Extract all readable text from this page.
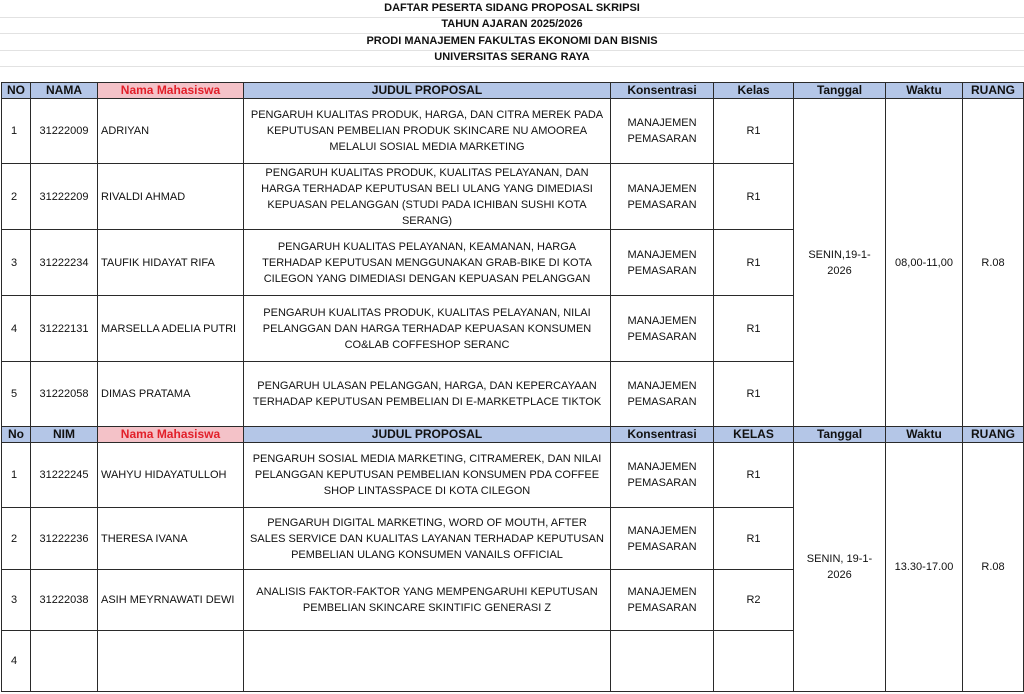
DAFTAR PESERTA SIDANG PROPOSAL SKRIPSI
TAHUN AJARAN 2025/2026
PRODI MANAJEMEN FAKULTAS EKONOMI DAN BISNIS
UNIVERSITAS SERANG RAYA
NO	NAMA	Nama Mahasiswa	JUDUL PROPOSAL	Konsentrasi	Kelas	Tanggal	Waktu	RUANG
1	31222009	ADRIYAN	PENGARUH KUALITAS PRODUK, HARGA, DAN CITRA MEREK PADA KEPUTUSAN PEMBELIAN PRODUK SKINCARE NU AMOOREA MELALUI SOSIAL MEDIA MARKETING	MANAJEMEN PEMASARAN	R1	SENIN,19-1-2026	08,00-11,00	R.08
2	31222209	RIVALDI AHMAD	PENGARUH KUALITAS PRODUK, KUALITAS PELAYANAN, DAN HARGA TERHADAP KEPUTUSAN BELI ULANG YANG DIMEDIASI KEPUASAN PELANGGAN (STUDI PADA ICHIBAN SUSHI KOTA SERANG)	MANAJEMEN PEMASARAN	R1			
3	31222234	TAUFIK HIDAYAT RIFA	PENGARUH KUALITAS PELAYANAN, KEAMANAN, HARGA TERHADAP KEPUTUSAN MENGGUNAKAN GRAB-BIKE DI KOTA CILEGON YANG DIMEDIASI DENGAN KEPUASAN PELANGGAN	MANAJEMEN PEMASARAN	R1			
4	31222131	MARSELLA ADELIA PUTRI	PENGARUH KUALITAS PRODUK, KUALITAS PELAYANAN, NILAI PELANGGAN DAN HARGA TERHADAP KEPUASAN KONSUMEN CO&LAB COFFESHOP SERANC	MANAJEMEN PEMASARAN	R1			
5	31222058	DIMAS PRATAMA	PENGARUH ULASAN PELANGGAN, HARGA, DAN KEPERCAYAAN TERHADAP KEPUTUSAN PEMBELIAN DI E-MARKETPLACE TIKTOK	MANAJEMEN PEMASARAN	R1			
No	NIM	Nama Mahasiswa	JUDUL PROPOSAL	Konsentrasi	KELAS	Tanggal	Waktu	RUANG
1	31222245	WAHYU HIDAYATULLOH	PENGARUH SOSIAL MEDIA MARKETING, CITRAMEREK, DAN NILAI PELANGGAN KEPUTUSAN PEMBELIAN KONSUMEN PDA COFFEE SHOP LINTASSPACE DI KOTA CILEGON	MANAJEMEN PEMASARAN	R1	SENIN, 19-1-2026	13.30-17.00	R.08
2	31222236	THERESA IVANA	PENGARUH DIGITAL MARKETING, WORD OF MOUTH, AFTER SALES SERVICE DAN KUALITAS LAYANAN TERHADAP KEPUTUSAN PEMBELIAN ULANG KONSUMEN VANAILS OFFICIAL	MANAJEMEN PEMASARAN	R1			
3	31222038	ASIH MEYRNAWATI DEWI	ANALISIS FAKTOR-FAKTOR YANG MEMPENGARUHI KEPUTUSAN PEMBELIAN SKINCARE SKINTIFIC GENERASI Z	MANAJEMEN PEMASARAN	R2			
4								
